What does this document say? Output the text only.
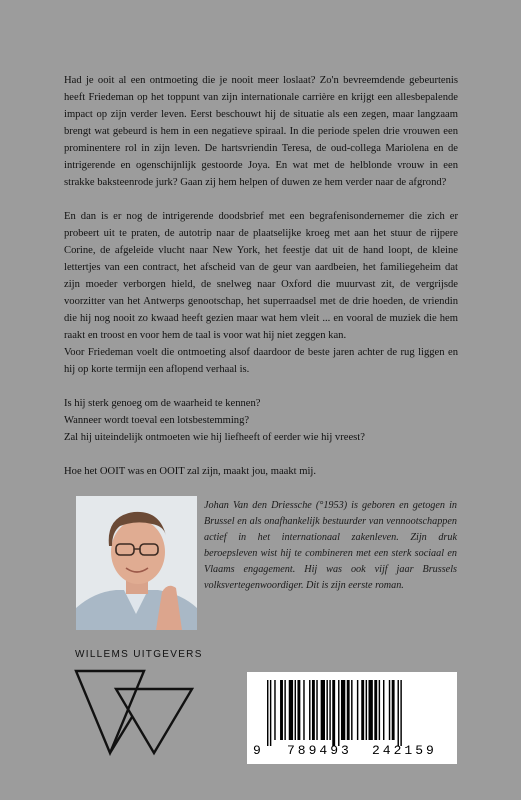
Had je ooit al een ontmoeting die je nooit meer loslaat? Zo'n bevreemdende gebeurtenis heeft Friedeman op het toppunt van zijn internationale carrière en krijgt een allesbepalende impact op zijn verder leven. Eerst beschouwt hij de situatie als een zegen, maar langzaam brengt wat gebeurd is hem in een negatieve spiraal. In die periode spelen drie vrouwen een prominentere rol in zijn leven. De hartsvriendin Teresa, de oud-collega Mariolena en de intrigerende en ogenschijnlijk gestoorde Joya. En wat met de helblonde vrouw in een strakke baksteenrode jurk? Gaan zij hem helpen of duwen ze hem verder naar de afgrond?

En dan is er nog de intrigerende doodsbrief met een begrafenisondernemer die zich er probeert uit te praten, de autotrip naar de plaatselijke kroeg met aan het stuur de rijpere Corine, de afgeleide vlucht naar New York, het feestje dat uit de hand loopt, de kleine lettertjes van een contract, het afscheid van de geur van aardbeien, het familiegeheim dat zijn moeder verborgen hield, de snelweg naar Oxford die muurvast zit, de vergrijsde voorzitter van het Antwerps genootschap, het superraadsel met de drie hoeden, de vriendin die hij nog nooit zo kwaad heeft gezien maar wat hem vleit ... en vooral de muziek die hem raakt en troost en voor hem de taal is voor wat hij niet zeggen kan.

Voor Friedeman voelt die ontmoeting alsof daardoor de beste jaren achter de rug liggen en hij op korte termijn een aflopend verhaal is.

Is hij sterk genoeg om de waarheid te kennen?

Wanneer wordt toeval een lotsbestemming?

Zal hij uiteindelijk ontmoeten wie hij liefheeft of eerder wie hij vreest?

Hoe het OOIT was en OOIT zal zijn, maakt jou, maakt mij.

Johan Van den Driessche (°1953) is geboren en getogen in Brussel en als onafhankelijk bestuurder van vennootschappen actief in het internationaal zakenleven. Zijn druk beroepsleven wist hij te combineren met een sterk sociaal en Vlaams engagement. Hij was ook vijf jaar Brussels volksvertegenwoordiger. Dit is zijn eerste roman.

WILLEMS UITGEVERS
9 789493 242159
